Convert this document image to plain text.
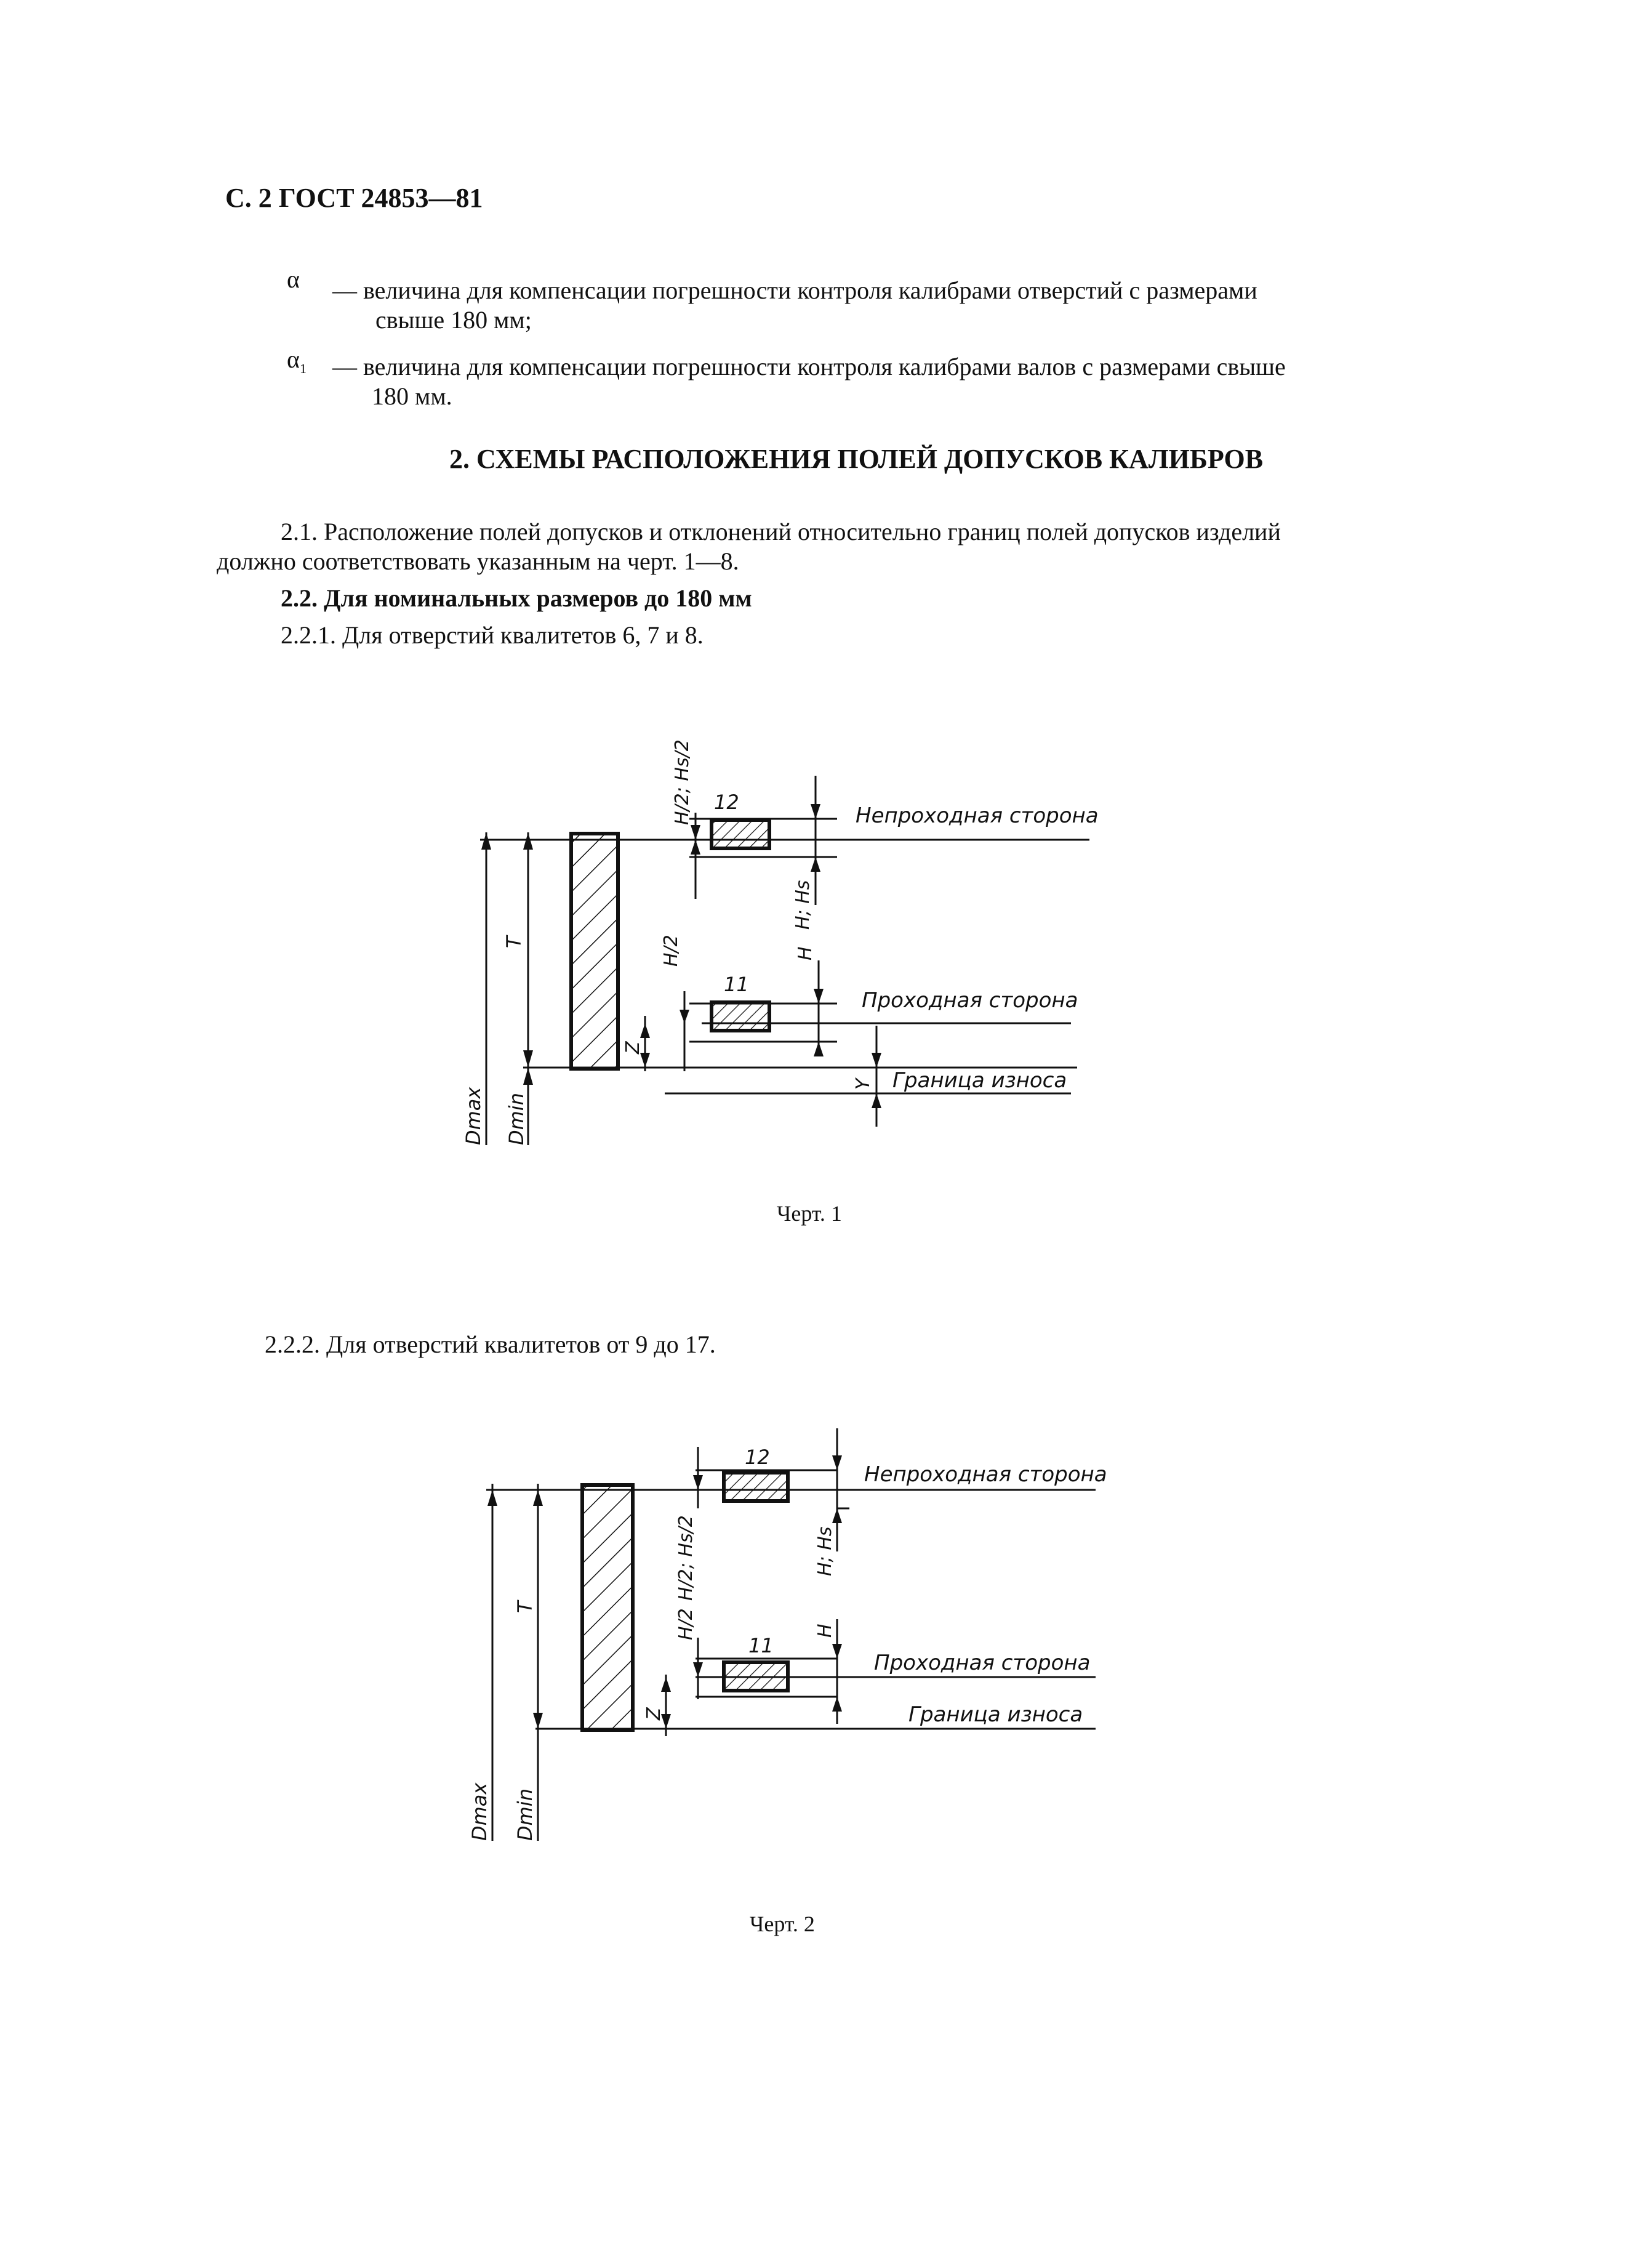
С. 2 ГОСТ 24853—81
α — величина для компенсации погрешности контроля калибрами отверстий с размерами
свыше 180 мм;
$\alpha_1$ — величина для компенсации погрешности контроля калибрами валов с размерами свыше
180 мм.
2. СХЕМЫ РАСПОЛОЖЕНИЯ ПОЛЕЙ ДОПУСКОВ КАЛИБРОВ
2.1. Расположение полей допусков и отклонений относительно границ полей допусков изделий
должно соответствовать указанным на черт. 1—8.
2.2. Для номинальных размеров до 180 мм
2.2.1. Для отверстий квалитетов 6, 7 и 8.
Непроходная сторона
Проходная сторона
Граница износа
12
11
T
Dmax Dmin
H/2; Hs/2
H; Hs
H/2	H
Z
Y
Черт. 1
2.2.2. Для отверстий квалитетов от 9 до 17.
Непроходная сторона
Проходная сторона
Граница износа
12
11
T
Dmax Dmin
H/2; Hs/2	H; Hs
H/2	H
Z
Черт. 2
